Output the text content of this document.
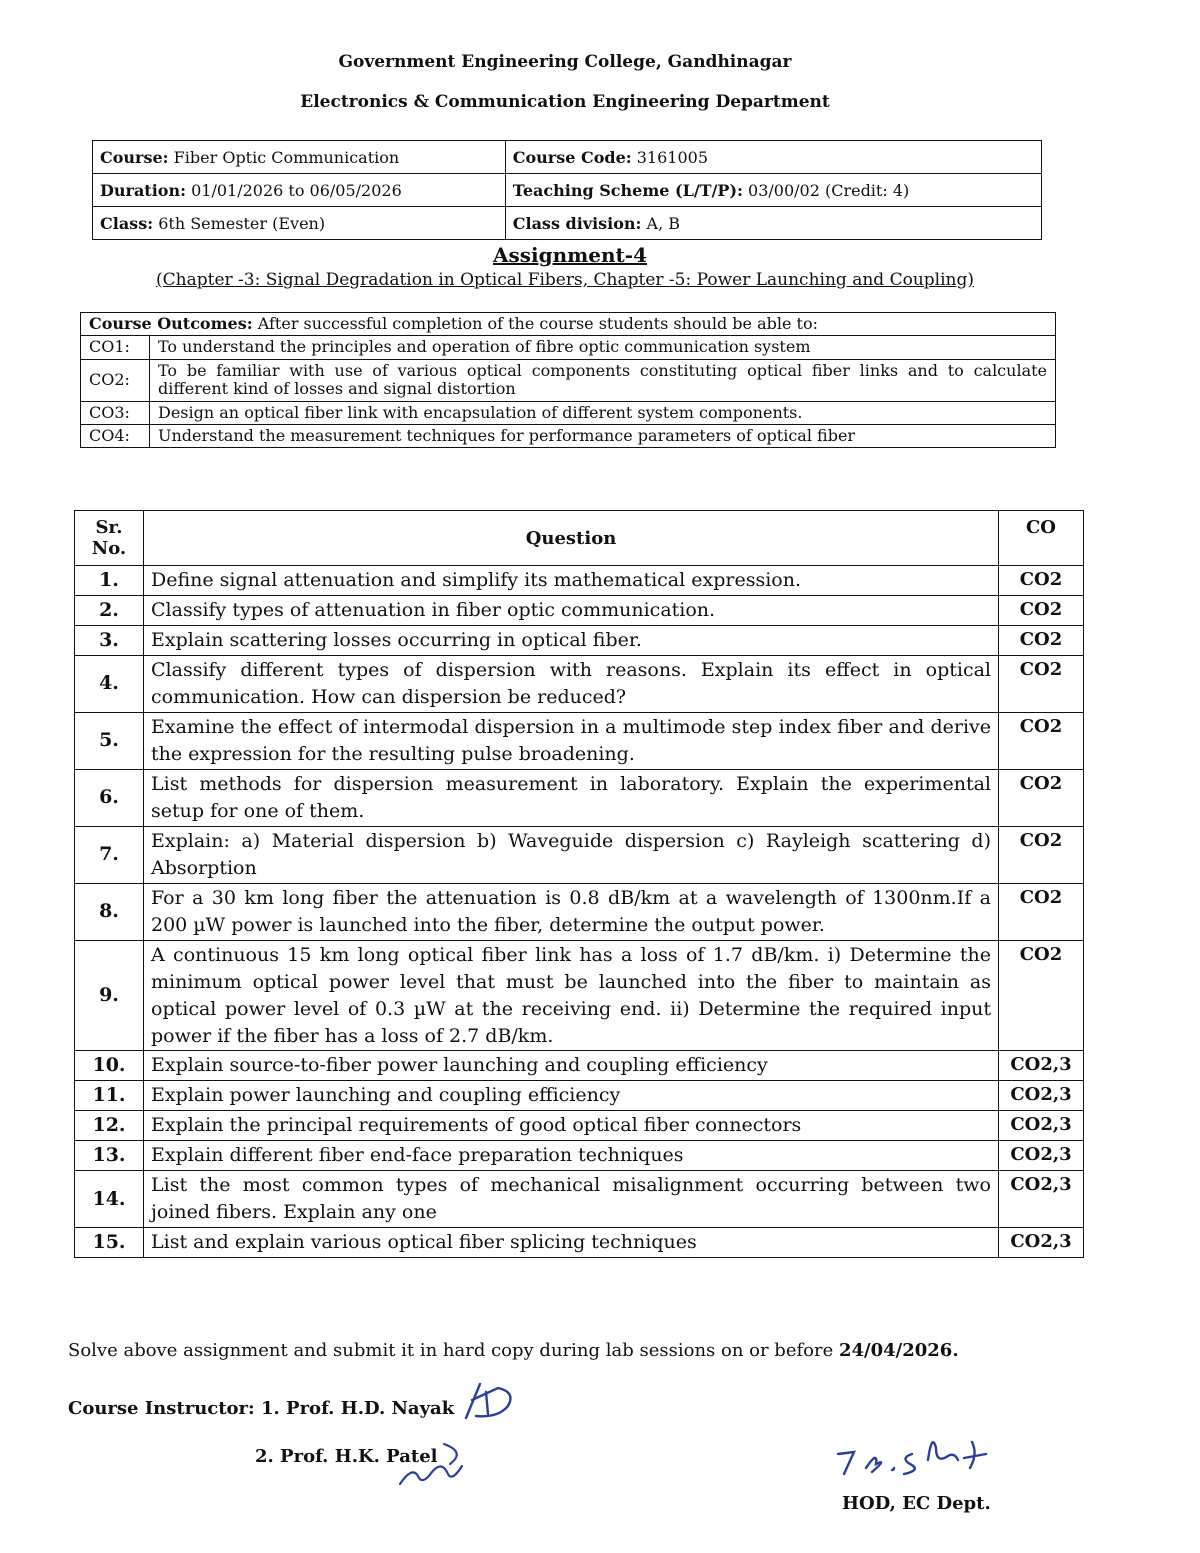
Government Engineering College, Gandhinagar
Electronics & Communication Engineering Department
Course: Fiber Optic Communication	Course Code: 3161005
Duration: 01/01/2026 to 06/05/2026	Teaching Scheme (L/T/P): 03/00/02 (Credit: 4)
Class: 6th Semester (Even)	Class division: A, B
Assignment-4
(Chapter -3: Signal Degradation in Optical Fibers, Chapter -5: Power Launching and Coupling)
Course Outcomes: After successful completion of the course students should be able to:	
CO1:	To understand the principles and operation of fibre optic communication system
CO2:	To be familiar with use of various optical components constituting optical fiber links and to calculate different kind of losses and signal distortion
CO3:	Design an optical fiber link with encapsulation of different system components.
CO4:	Understand the measurement techniques for performance parameters of optical fiber
Sr. No.	Question	CO
1.	Define signal attenuation and simplify its mathematical expression.	CO2
2.	Classify types of attenuation in fiber optic communication.	CO2
3.	Explain scattering losses occurring in optical fiber.	CO2
4.	Classify different types of dispersion with reasons. Explain its effect in optical communication. How can dispersion be reduced?	CO2
5.	Examine the effect of intermodal dispersion in a multimode step index fiber and derive the expression for the resulting pulse broadening.	CO2
6.	List methods for dispersion measurement in laboratory. Explain the experimental setup for one of them.	CO2
7.	Explain: a) Material dispersion b) Waveguide dispersion c) Rayleigh scattering d) Absorption	CO2
8.	For a 30 km long fiber the attenuation is 0.8 dB/km at a wavelength of 1300nm.If a 200 µW power is launched into the fiber, determine the output power.	CO2
9.	A continuous 15 km long optical fiber link has a loss of 1.7 dB/km. i) Determine the minimum optical power level that must be launched into the fiber to maintain as optical power level of 0.3 µW at the receiving end. ii) Determine the required input power if the fiber has a loss of 2.7 dB/km.	CO2
10.	Explain source-to-fiber power launching and coupling efficiency	CO2,3
11.	Explain power launching and coupling efficiency	CO2,3
12.	Explain the principal requirements of good optical fiber connectors	CO2,3
13.	Explain different fiber end-face preparation techniques	CO2,3
14.	List the most common types of mechanical misalignment occurring between two joined fibers. Explain any one	CO2,3
15.	List and explain various optical fiber splicing techniques	CO2,3
Solve above assignment and submit it in hard copy during lab sessions on or before 24/04/2026.
Course Instructor: 1. Prof. H.D. Nayak
2. Prof. H.K. Patel
HOD, EC Dept.
